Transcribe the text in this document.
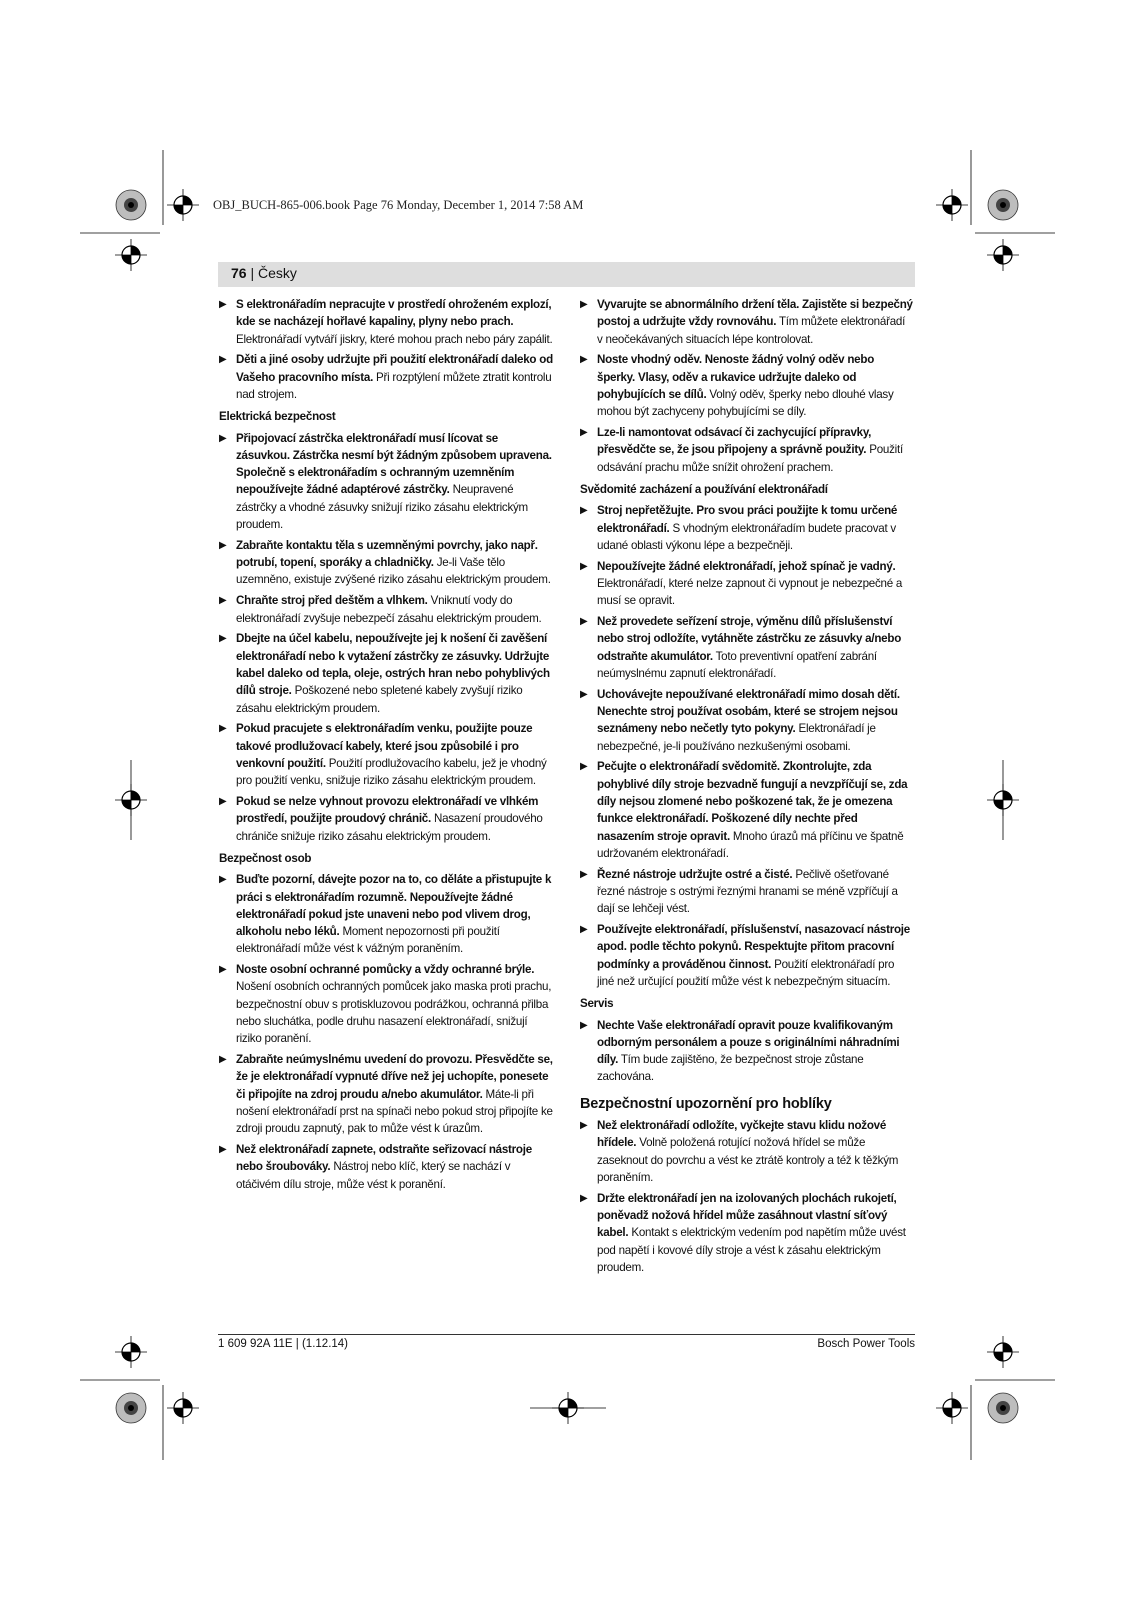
OBJ_BUCH-865-006.book Page 76 Monday, December 1, 2014 7:58 AM
76 | Česky
▶ S elektronářadím nepracujte v prostředí ohroženém explozí, kde se nacházejí hořlavé kapaliny, plyny nebo prach. Elektronářadí vytváří jiskry, které mohou prach nebo páry zapálit.
▶ Děti a jiné osoby udržujte při použití elektronářadí daleko od Vašeho pracovního místa. Při rozptýlení můžete ztratit kontrolu nad strojem.
Elektrická bezpečnost
▶ Připojovací zástrčka elektronářadí musí lícovat se zásuvkou. Zástrčka nesmí být žádným způsobem upravena. Společně s elektronářadím s ochranným uzemněním nepoužívejte žádné adaptérové zástrčky. Neupravené zástrčky a vhodné zásuvky snižují riziko zásahu elektrickým proudem.
▶ Zabraňte kontaktu těla s uzemněnými povrchy, jako např. potrubí, topení, sporáky a chladničky. Je-li Vaše tělo uzemněno, existuje zvýšené riziko zásahu elektrickým proudem.
▶ Chraňte stroj před deštěm a vlhkem. Vniknutí vody do elektronářadí zvyšuje nebezpečí zásahu elektrickým proudem.
▶ Dbejte na účel kabelu, nepoužívejte jej k nošení či zavěšení elektronářadí nebo k vytažení zástrčky ze zásuvky. Udržujte kabel daleko od tepla, oleje, ostrých hran nebo pohyblivých dílů stroje. Poškozené nebo spletené kabely zvyšují riziko zásahu elektrickým proudem.
▶ Pokud pracujete s elektronářadím venku, použijte pouze takové prodlužovací kabely, které jsou způsobilé i pro venkovní použití. Použití prodlužovacího kabelu, jež je vhodný pro použití venku, snižuje riziko zásahu elektrickým proudem.
▶ Pokud se nelze vyhnout provozu elektronářadí ve vlhkém prostředí, použijte proudový chránič. Nasazení proudového chrániče snižuje riziko zásahu elektrickým proudem.
Bezpečnost osob
▶ Buďte pozorní, dávejte pozor na to, co děláte a přistupujte k práci s elektronářadím rozumně. Nepoužívejte žádné elektronářadí pokud jste unaveni nebo pod vlivem drog, alkoholu nebo léků. Moment nepozornosti při použití elektronářadí může vést k vážným poraněním.
▶ Noste osobní ochranné pomůcky a vždy ochranné brýle. Nošení osobních ochranných pomůcek jako maska proti prachu, bezpečnostní obuv s protiskluzovou podrážkou, ochranná přilba nebo sluchátka, podle druhu nasazení elektronářadí, snižují riziko poranění.
▶ Zabraňte neúmyslnému uvedení do provozu. Přesvědčte se, že je elektronářadí vypnuté dříve než jej uchopíte, ponesete či připojíte na zdroj proudu a/nebo akumulátor. Máte-li při nošení elektronářadí prst na spínači nebo pokud stroj připojíte ke zdroji proudu zapnutý, pak to může vést k úrazům.
▶ Než elektronářadí zapnete, odstraňte seřizovací nástroje nebo šroubováky. Nástroj nebo klíč, který se nachází v otáčivém dílu stroje, může vést k poranění.
▶ Vyvarujte se abnormálního držení těla. Zajistěte si bezpečný postoj a udržujte vždy rovnováhu. Tím můžete elektronářadí v neočekávaných situacích lépe kontrolovat.
▶ Noste vhodný oděv. Nenoste žádný volný oděv nebo šperky. Vlasy, oděv a rukavice udržujte daleko od pohybujících se dílů. Volný oděv, šperky nebo dlouhé vlasy mohou být zachyceny pohybujícími se díly.
▶ Lze-li namontovat odsávací či zachycující přípravky, přesvědčte se, že jsou připojeny a správně použity. Použití odsávání prachu může snížit ohrožení prachem.
Svědomité zacházení a používání elektronářadí
▶ Stroj nepřetěžujte. Pro svou práci použijte k tomu určené elektronářadí. S vhodným elektronářadím budete pracovat v udané oblasti výkonu lépe a bezpečněji.
▶ Nepoužívejte žádné elektronářadí, jehož spínač je vadný. Elektronářadí, které nelze zapnout či vypnout je nebezpečné a musí se opravit.
▶ Než provedete seřízení stroje, výměnu dílů příslušenství nebo stroj odložíte, vytáhněte zástrčku ze zásuvky a/nebo odstraňte akumulátor. Toto preventivní opatření zabrání neúmyslnému zapnutí elektronářadí.
▶ Uchovávejte nepoužívané elektronářadí mimo dosah dětí. Nenechte stroj používat osobám, které se strojem nejsou seznámeny nebo nečetly tyto pokyny. Elektronářadí je nebezpečné, je-li používáno nezkušenými osobami.
▶ Pečujte o elektronářadí svědomitě. Zkontrolujte, zda pohyblivé díly stroje bezvadně fungují a nevzpříčují se, zda díly nejsou zlomené nebo poškozené tak, že je omezena funkce elektronářadí. Poškozené díly nechte před nasazením stroje opravit. Mnoho úrazů má příčinu ve špatně udržovaném elektronářadí.
▶ Řezné nástroje udržujte ostré a čisté. Pečlivě ošetřované řezné nástroje s ostrými řeznými hranami se méně vzpříčují a dají se lehčeji vést.
▶ Používejte elektronářadí, příslušenství, nasazovací nástroje apod. podle těchto pokynů. Respektujte přitom pracovní podmínky a prováděnou činnost. Použití elektronářadí pro jiné než určující použití může vést k nebezpečným situacím.
Servis
▶ Nechte Vaše elektronářadí opravit pouze kvalifikovaným odborným personálem a pouze s originálními náhradními díly. Tím bude zajištěno, že bezpečnost stroje zůstane zachována.
Bezpečnostní upozornění pro hoblíky
▶ Než elektronářadí odložíte, vyčkejte stavu klidu nožové hřídele. Volně položená rotující nožová hřídel se může zaseknout do povrchu a vést ke ztrátě kontroly a též k těžkým poraněním.
▶ Držte elektronářadí jen na izolovaných plochách rukojetí, poněvadž nožová hřídel může zasáhnout vlastní síťový kabel. Kontakt s elektrickým vedením pod napětím může uvést pod napětí i kovové díly stroje a vést k zásahu elektrickým proudem.
1 609 92A 11E | (1.12.14)	Bosch Power Tools
